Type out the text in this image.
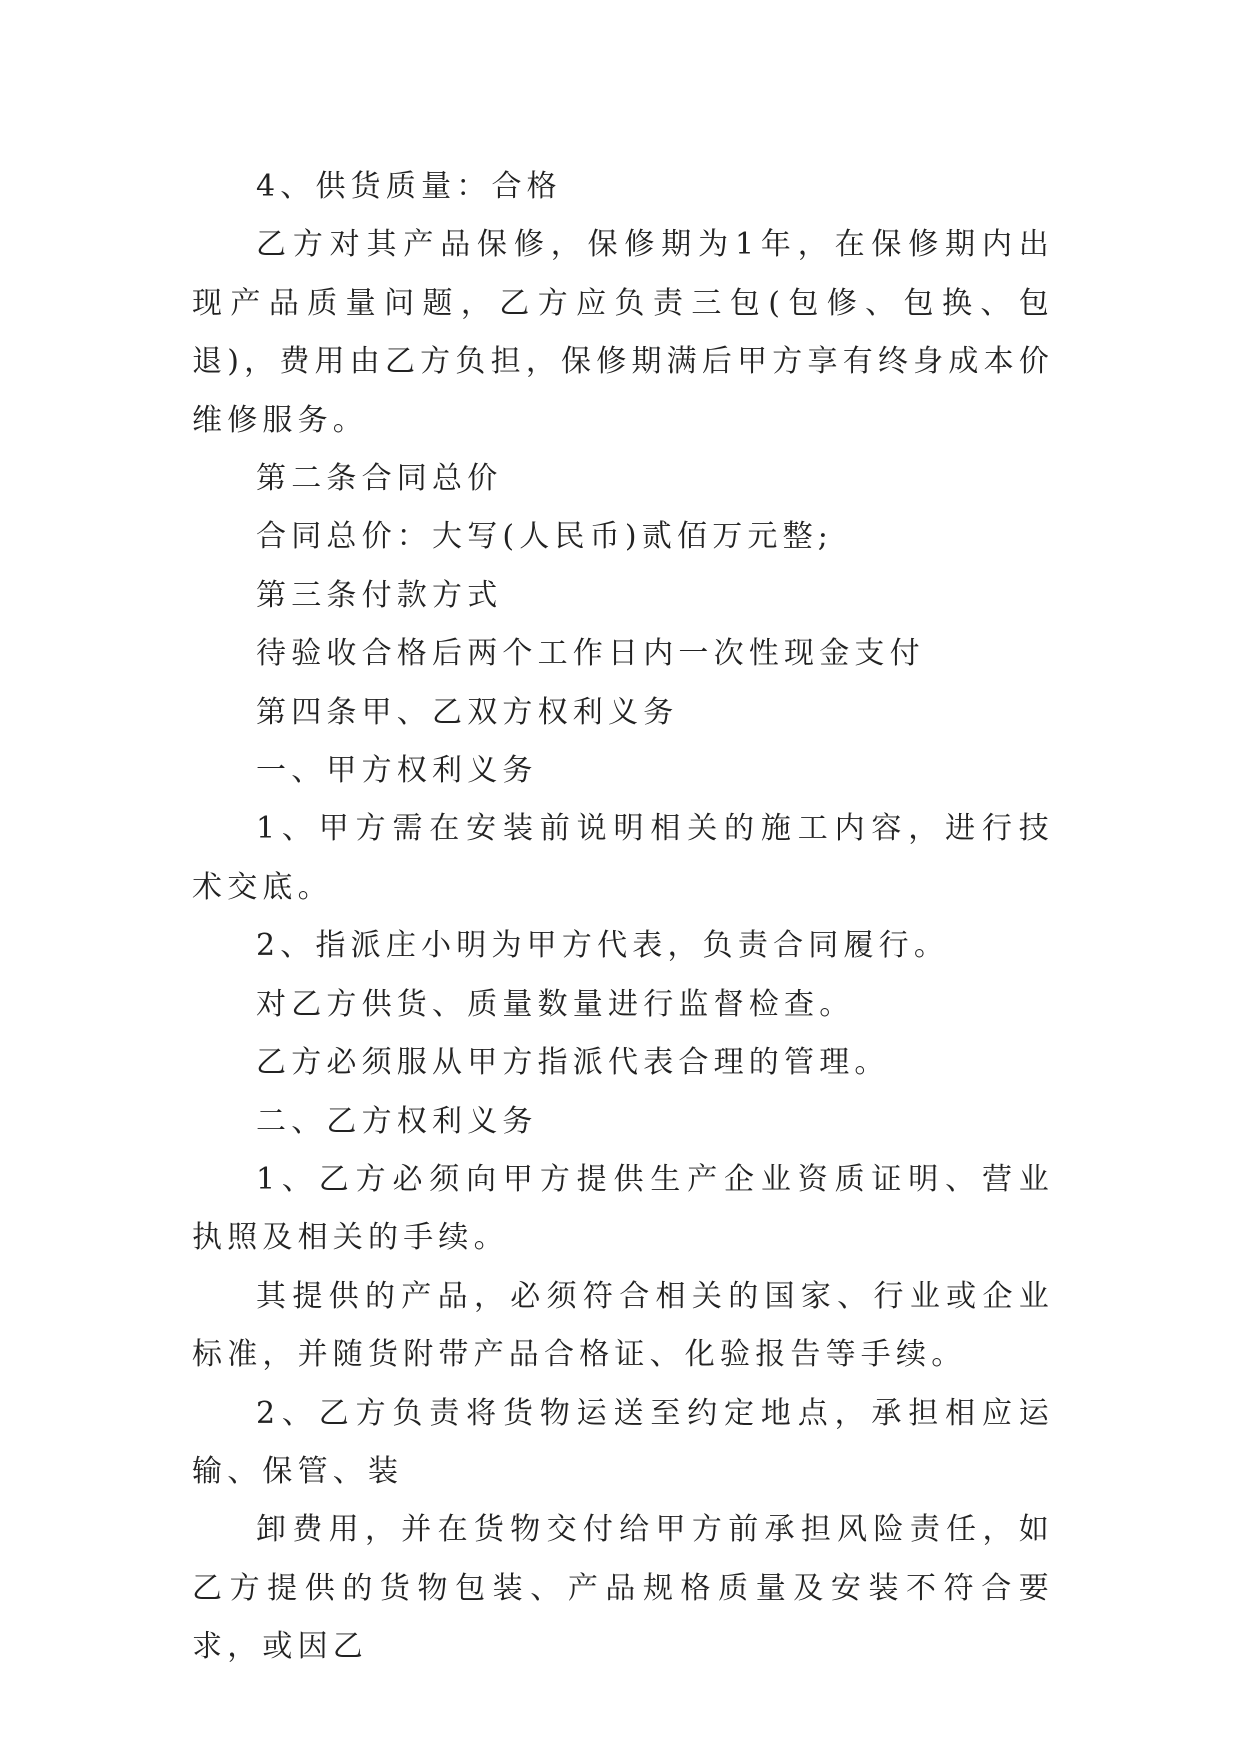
4、供货质量：合格

乙方对其产品保修，保修期为1年，在保修期内出现产品质量问题，乙方应负责三包(包修、包换、包退)，费用由乙方负担，保修期满后甲方享有终身成本价维修服务。

第二条合同总价

合同总价：大写(人民币)贰佰万元整;

第三条付款方式

待验收合格后两个工作日内一次性现金支付

第四条甲、乙双方权利义务

一、甲方权利义务

1、甲方需在安装前说明相关的施工内容，进行技术交底。

2、指派庄小明为甲方代表，负责合同履行。

对乙方供货、质量数量进行监督检查。

乙方必须服从甲方指派代表合理的管理。

二、乙方权利义务

1、乙方必须向甲方提供生产企业资质证明、营业执照及相关的手续。

其提供的产品，必须符合相关的国家、行业或企业标准，并随货附带产品合格证、化验报告等手续。

2、乙方负责将货物运送至约定地点，承担相应运输、保管、装

卸费用，并在货物交付给甲方前承担风险责任，如乙方提供的货物包装、产品规格质量及安装不符合要求，或因乙
